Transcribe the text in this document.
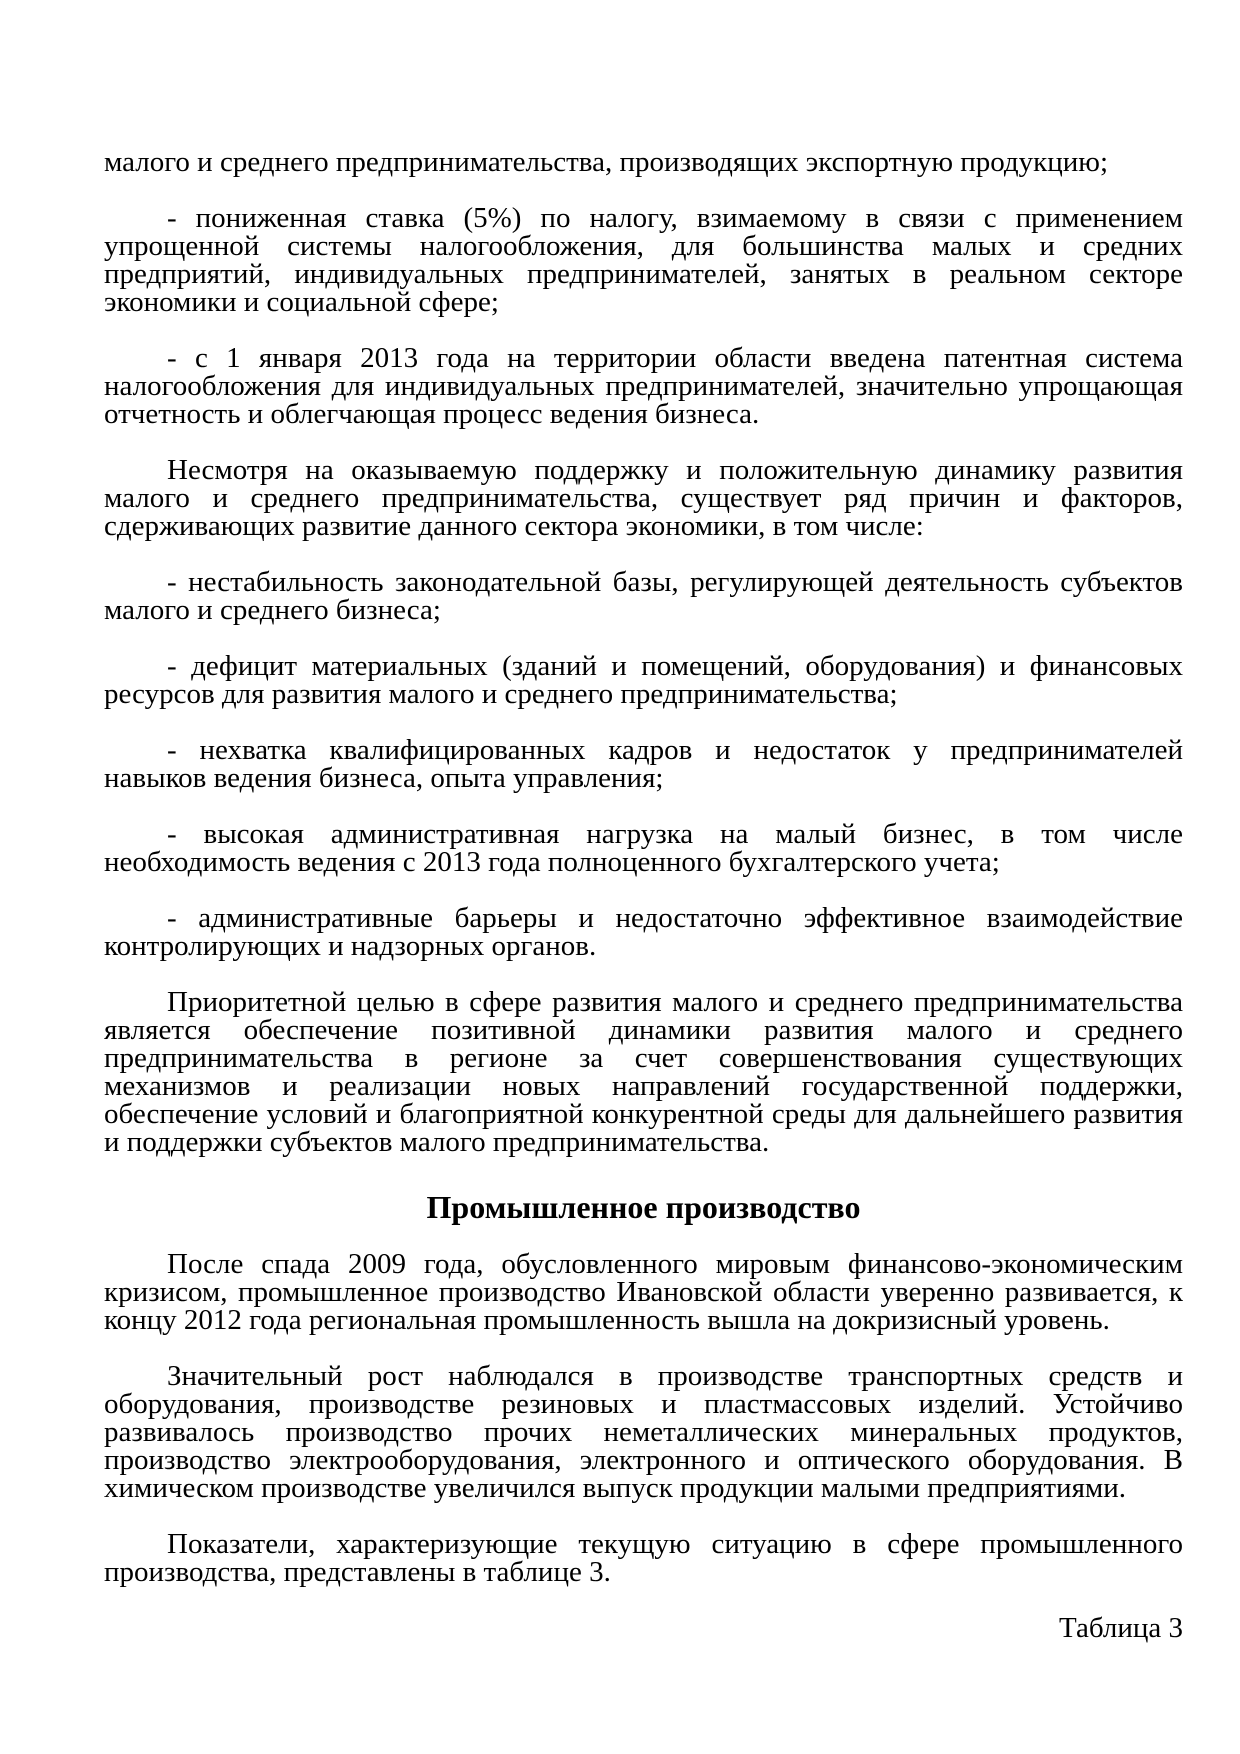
малого и среднего предпринимательства, производящих экспортную продукцию;

- пониженная ставка (5%) по налогу, взимаемому в связи с применением упрощенной системы налогообложения, для большинства малых и средних предприятий, индивидуальных предпринимателей, занятых в реальном секторе экономики и социальной сфере;

- с 1 января 2013 года на территории области введена патентная система налогообложения для индивидуальных предпринимателей, значительно упрощающая отчетность и облегчающая процесс ведения бизнеса.

Несмотря на оказываемую поддержку и положительную динамику развития малого и среднего предпринимательства, существует ряд причин и факторов, сдерживающих развитие данного сектора экономики, в том числе:

- нестабильность законодательной базы, регулирующей деятельность субъектов малого и среднего бизнеса;

- дефицит материальных (зданий и помещений, оборудования) и финансовых ресурсов для развития малого и среднего предпринимательства;

- нехватка квалифицированных кадров и недостаток у предпринимателей навыков ведения бизнеса, опыта управления;

- высокая административная нагрузка на малый бизнес, в том числе необходимость ведения с 2013 года полноценного бухгалтерского учета;

- административные барьеры и недостаточно эффективное взаимодействие контролирующих и надзорных органов.

Приоритетной целью в сфере развития малого и среднего предпринимательства является обеспечение позитивной динамики развития малого и среднего предпринимательства в регионе за счет совершенствования существующих механизмов и реализации новых направлений государственной поддержки, обеспечение условий и благоприятной конкурентной среды для дальнейшего развития и поддержки субъектов малого предпринимательства.

Промышленное производство

После спада 2009 года, обусловленного мировым финансово-экономическим кризисом, промышленное производство Ивановской области уверенно развивается, к концу 2012 года региональная промышленность вышла на докризисный уровень.

Значительный рост наблюдался в производстве транспортных средств и оборудования, производстве резиновых и пластмассовых изделий. Устойчиво развивалось производство прочих неметаллических минеральных продуктов, производство электрооборудования, электронного и оптического оборудования. В химическом производстве увеличился выпуск продукции малыми предприятиями.

Показатели, характеризующие текущую ситуацию в сфере промышленного производства, представлены в таблице 3.

Таблица 3
